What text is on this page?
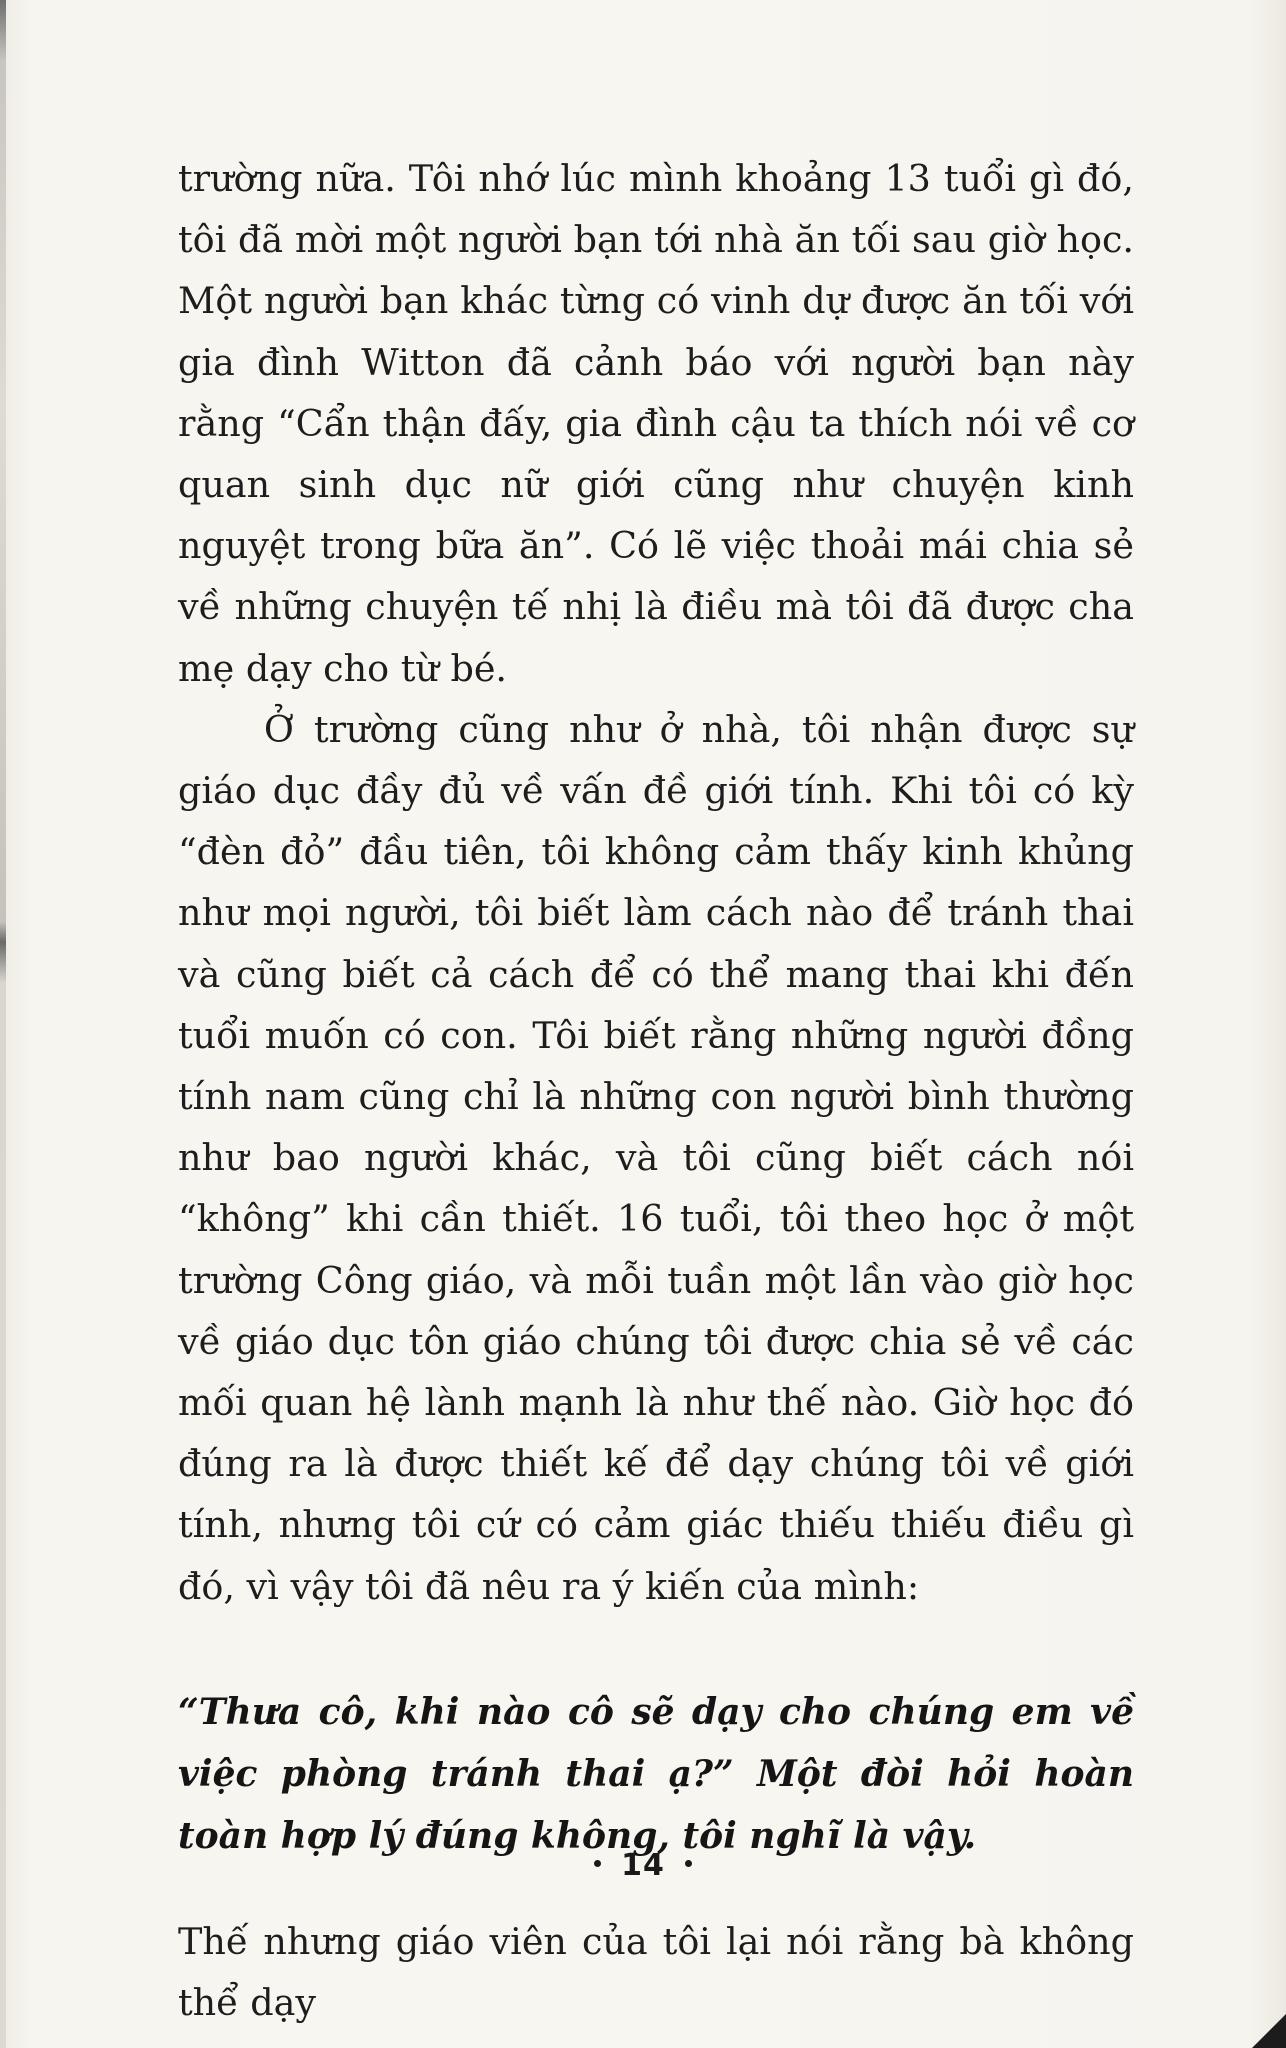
trường nữa. Tôi nhớ lúc mình khoảng 13 tuổi gì đó, tôi đã mời một người bạn tới nhà ăn tối sau giờ học. Một người bạn khác từng có vinh dự được ăn tối với gia đình Witton đã cảnh báo với người bạn này rằng “Cẩn thận đấy, gia đình cậu ta thích nói về cơ quan sinh dục nữ giới cũng như chuyện kinh nguyệt trong bữa ăn”. Có lẽ việc thoải mái chia sẻ về những chuyện tế nhị là điều mà tôi đã được cha mẹ dạy cho từ bé.

Ở trường cũng như ở nhà, tôi nhận được sự giáo dục đầy đủ về vấn đề giới tính. Khi tôi có kỳ “đèn đỏ” đầu tiên, tôi không cảm thấy kinh khủng như mọi người, tôi biết làm cách nào để tránh thai và cũng biết cả cách để có thể mang thai khi đến tuổi muốn có con. Tôi biết rằng những người đồng tính nam cũng chỉ là những con người bình thường như bao người khác, và tôi cũng biết cách nói “không” khi cần thiết. 16 tuổi, tôi theo học ở một trường Công giáo, và mỗi tuần một lần vào giờ học về giáo dục tôn giáo chúng tôi được chia sẻ về các mối quan hệ lành mạnh là như thế nào. Giờ học đó đúng ra là được thiết kế để dạy chúng tôi về giới tính, nhưng tôi cứ có cảm giác thiếu thiếu điều gì đó, vì vậy tôi đã nêu ra ý kiến của mình:

“Thưa cô, khi nào cô sẽ dạy cho chúng em về việc phòng tránh thai ạ?” Một đòi hỏi hoàn toàn hợp lý đúng không, tôi nghĩ là vậy.

Thế nhưng giáo viên của tôi lại nói rằng bà không thể dạy

14
